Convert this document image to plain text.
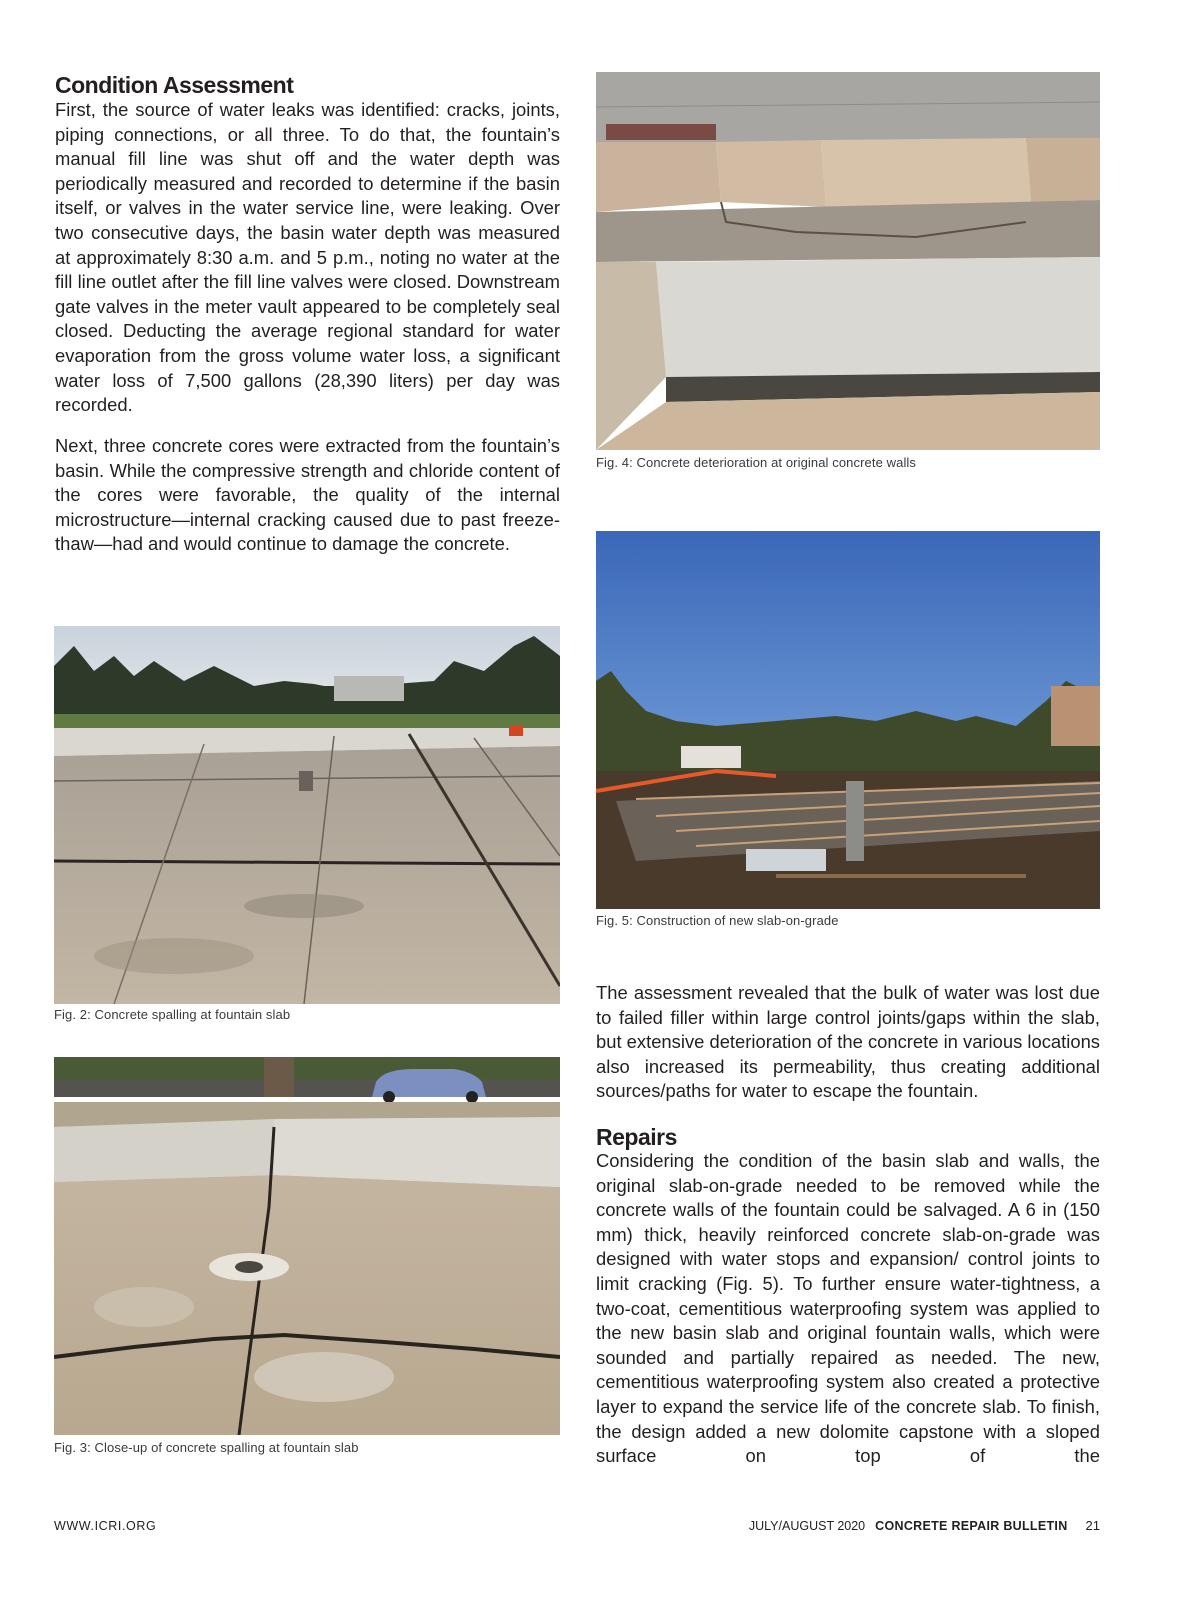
Condition Assessment

First, the source of water leaks was identified: cracks, joints, piping connections, or all three. To do that, the fountain’s manual fill line was shut off and the water depth was periodically measured and recorded to determine if the basin itself, or valves in the water service line, were leaking. Over two consecutive days, the basin water depth was measured at approximately 8:30 a.m. and 5 p.m., noting no water at the fill line outlet after the fill line valves were closed. Downstream gate valves in the meter vault appeared to be completely seal closed. Deducting the average regional standard for water evaporation from the gross volume water loss, a significant water loss of 7,500 gallons (28,390 liters) per day was recorded.

Next, three concrete cores were extracted from the fountain’s basin. While the compressive strength and chloride content of the cores were favorable, the quality of the internal microstructure—internal cracking caused due to past freeze-thaw—had and would continue to damage the concrete.

Fig. 2: Concrete spalling at fountain slab
Fig. 3: Close-up of concrete spalling at fountain slab
Fig. 4: Concrete deterioration at original concrete walls
Fig. 5: Construction of new slab-on-grade

The assessment revealed that the bulk of water was lost due to failed filler within large control joints/gaps within the slab, but extensive deterioration of the concrete in various locations also increased its permeability, thus creating additional sources/paths for water to escape the fountain.

Repairs

Considering the condition of the basin slab and walls, the original slab-on-grade needed to be removed while the concrete walls of the fountain could be salvaged. A 6 in (150 mm) thick, heavily reinforced concrete slab-on-grade was designed with water stops and expansion/ control joints to limit cracking (Fig. 5). To further ensure water-tightness, a two-coat, cementitious waterproofing system was applied to the new basin slab and original fountain walls, which were sounded and partially repaired as needed. The new, cementitious waterproofing system also created a protective layer to expand the service life of the concrete slab. To finish, the design added a new dolomite capstone with a sloped surface on top of the

WWW.ICRI.ORG	JULY/AUGUST 2020 CONCRETE REPAIR BULLETIN 21
